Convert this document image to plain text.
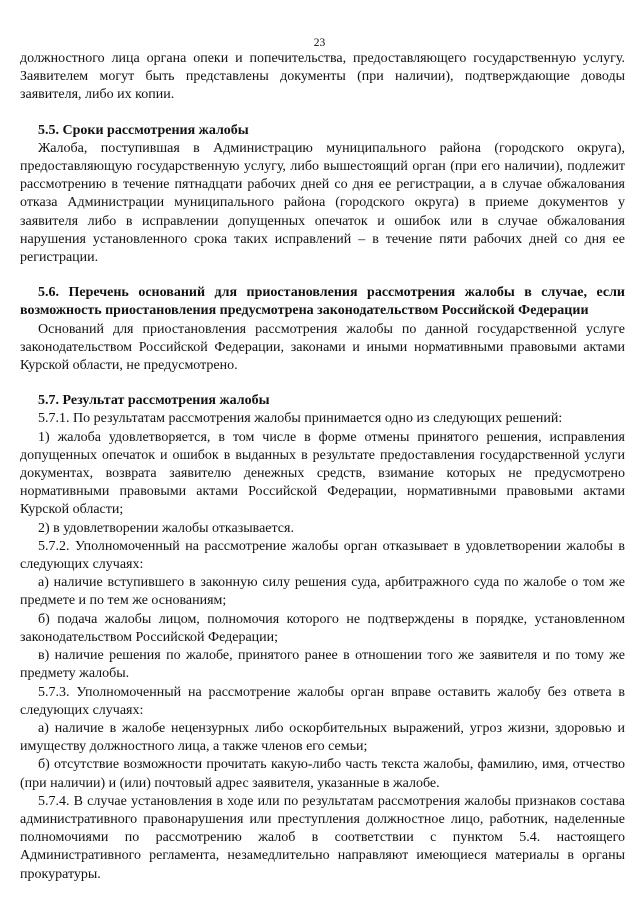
23

должностного лица органа опеки и попечительства, предоставляющего государственную услугу. Заявителем могут быть представлены документы (при наличии), подтверждающие доводы заявителя, либо их копии.

5.5. Сроки рассмотрения жалобы

Жалоба, поступившая в Администрацию муниципального района (городского округа), предоставляющую государственную услугу, либо вышестоящий орган (при его наличии), подлежит рассмотрению в течение пятнадцати рабочих дней со дня ее регистрации, а в случае обжалования отказа Администрации муниципального района (городского округа) в приеме документов у заявителя либо в исправлении допущенных опечаток и ошибок или в случае обжалования нарушения установленного срока таких исправлений – в течение пяти рабочих дней со дня ее регистрации.

5.6. Перечень оснований для приостановления рассмотрения жалобы в случае, если возможность приостановления предусмотрена законодательством Российской Федерации

Оснований для приостановления рассмотрения жалобы по данной государственной услуге законодательством Российской Федерации, законами и иными нормативными правовыми актами Курской области, не предусмотрено.

5.7. Результат рассмотрения жалобы

5.7.1. По результатам рассмотрения жалобы принимается одно из следующих решений:

1) жалоба удовлетворяется, в том числе в форме отмены принятого решения, исправления допущенных опечаток и ошибок в выданных в результате предоставления государственной услуги документах, возврата заявителю денежных средств, взимание которых не предусмотрено нормативными правовыми актами Российской Федерации, нормативными правовыми актами Курской области;

2) в удовлетворении жалобы отказывается.

5.7.2. Уполномоченный на рассмотрение жалобы орган отказывает в удовлетворении жалобы в следующих случаях:

а) наличие вступившего в законную силу решения суда, арбитражного суда по жалобе о том же предмете и по тем же основаниям;

б) подача жалобы лицом, полномочия которого не подтверждены в порядке, установленном законодательством Российской Федерации;

в) наличие решения по жалобе, принятого ранее в отношении того же заявителя и по тому же предмету жалобы.

5.7.3. Уполномоченный на рассмотрение жалобы орган вправе оставить жалобу без ответа в следующих случаях:

а) наличие в жалобе нецензурных либо оскорбительных выражений, угроз жизни, здоровью и имуществу должностного лица, а также членов его семьи;

б) отсутствие возможности прочитать какую-либо часть текста жалобы, фамилию, имя, отчество (при наличии) и (или) почтовый адрес заявителя, указанные в жалобе.

5.7.4. В случае установления в ходе или по результатам рассмотрения жалобы признаков состава административного правонарушения или преступления должностное лицо, работник, наделенные полномочиями по рассмотрению жалоб в соответствии с пунктом 5.4. настоящего Административного регламента, незамедлительно направляют имеющиеся материалы в органы прокуратуры.
